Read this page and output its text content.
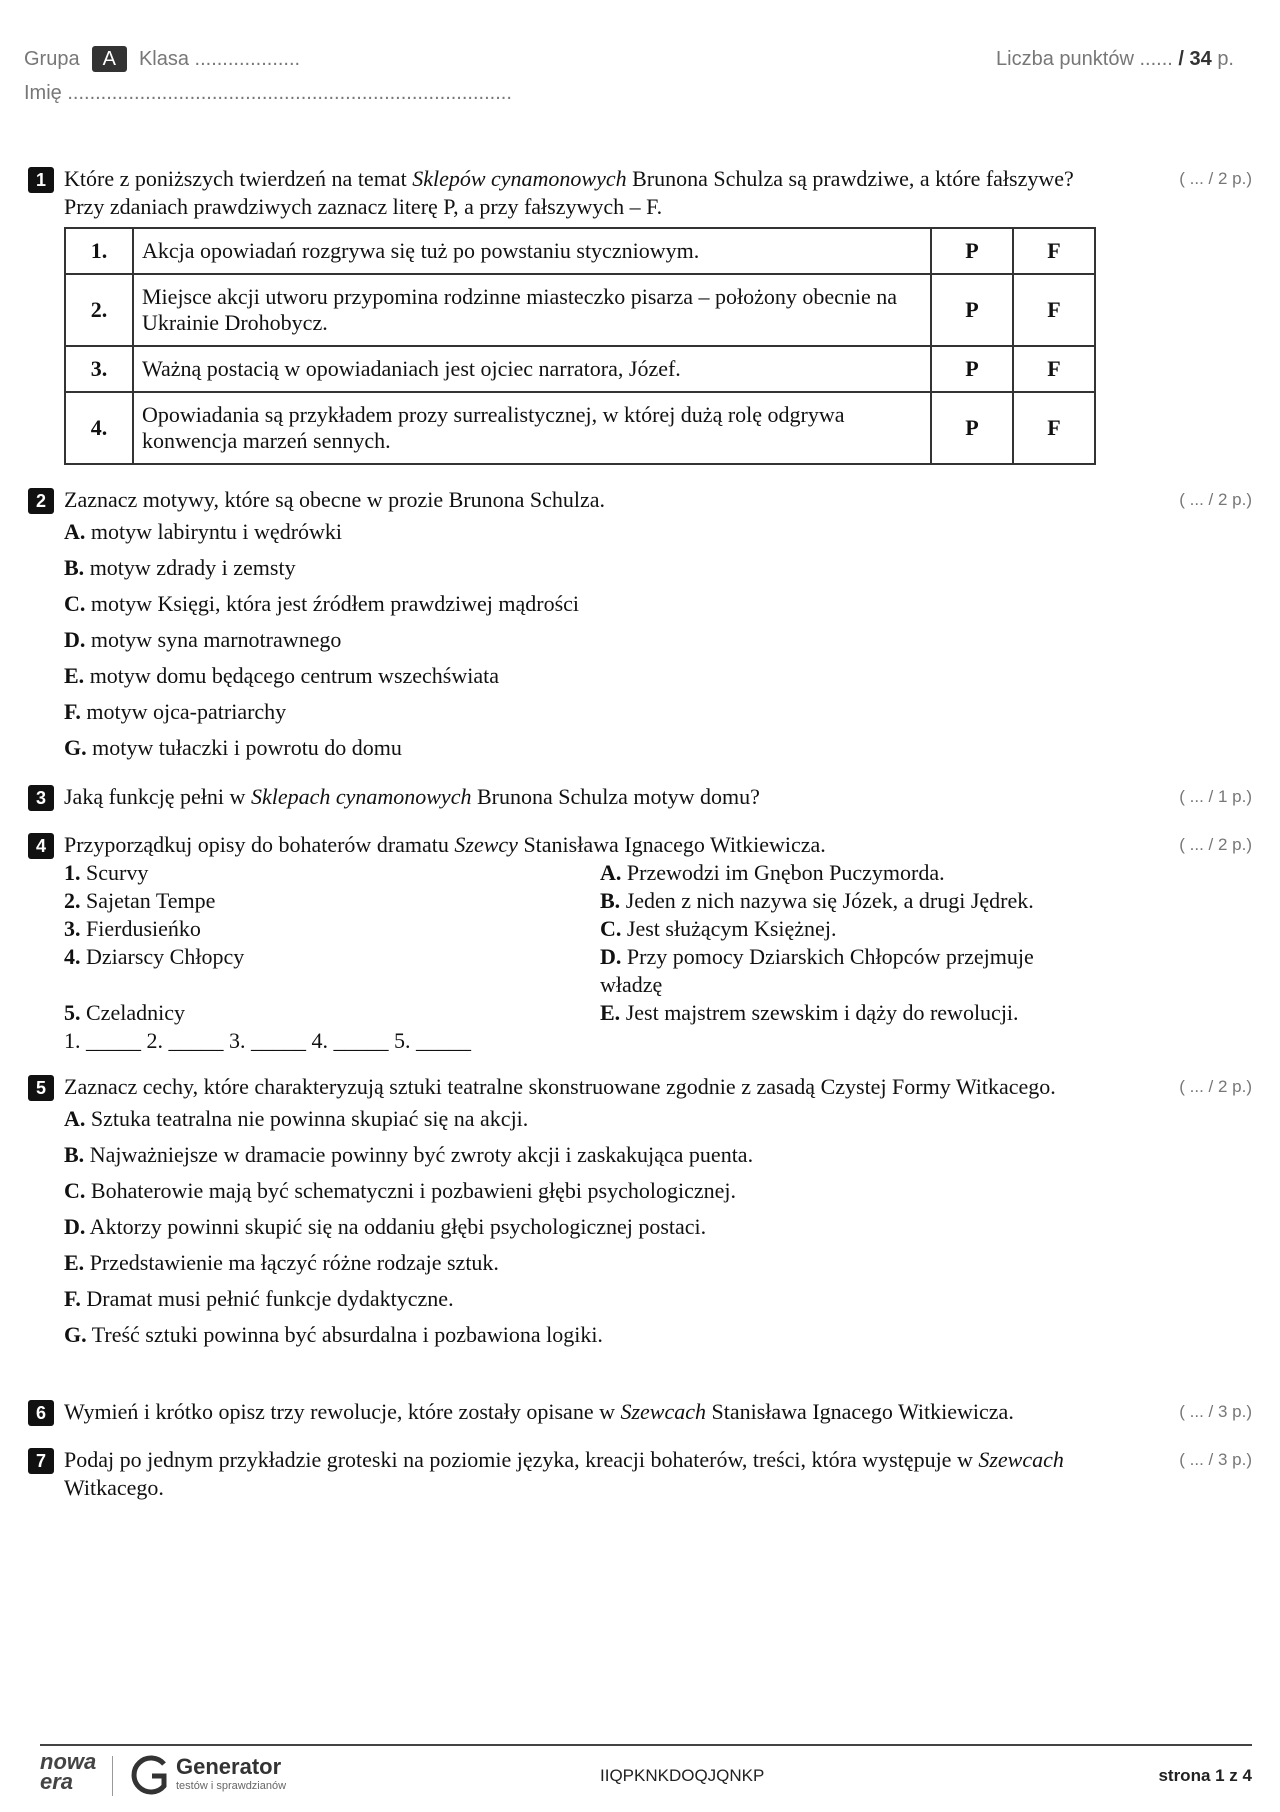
Grupa	A	Klasa ...................	Liczba punktów ...... / 34 p.
Imię ................................................................................
1	( ... / 2 p.)
Które z poniższych twierdzeń na temat Sklepów cynamonowych Brunona Schulza są prawdziwe, a które fałszywe? Przy zdaniach prawdziwych zaznacz literę P, a przy fałszywych – F.
1.	Akcja opowiadań rozgrywa się tuż po powstaniu styczniowym.	P	F
2.	Miejsce akcji utworu przypomina rodzinne miasteczko pisarza – położony obecnie na Ukrainie Drohobycz.	P	F
3.	Ważną postacią w opowiadaniach jest ojciec narratora, Józef.	P	F
4.	Opowiadania są przykładem prozy surrealistycznej, w której dużą rolę odgrywa konwencja marzeń sennych.	P	F
2	( ... / 2 p.)
Zaznacz motywy, które są obecne w prozie Brunona Schulza.
A. motyw labiryntu i wędrówki
B. motyw zdrady i zemsty
C. motyw Księgi, która jest źródłem prawdziwej mądrości
D. motyw syna marnotrawnego
E. motyw domu będącego centrum wszechświata
F. motyw ojca-patriarchy
G. motyw tułaczki i powrotu do domu
3	( ... / 1 p.)
Jaką funkcję pełni w Sklepach cynamonowych Brunona Schulza motyw domu?
4	( ... / 2 p.)
Przyporządkuj opisy do bohaterów dramatu Szewcy Stanisława Ignacego Witkiewicza.
1. Scurvy
2. Sajetan Tempe
3. Fierdusieńko
4. Dziarscy Chłopcy
5. Czeladnicy
A. Przewodzi im Gnębon Puczymorda.
B. Jeden z nich nazywa się Józek, a drugi Jędrek.
C. Jest służącym Księżnej.
D. Przy pomocy Dziarskich Chłopców przejmuje władzę
E. Jest majstrem szewskim i dąży do rewolucji.
1. _____ 2. _____ 3. _____ 4. _____ 5. _____
5	( ... / 2 p.)
Zaznacz cechy, które charakteryzują sztuki teatralne skonstruowane zgodnie z zasadą Czystej Formy Witkacego.
A. Sztuka teatralna nie powinna skupiać się na akcji.
B. Najważniejsze w dramacie powinny być zwroty akcji i zaskakująca puenta.
C. Bohaterowie mają być schematyczni i pozbawieni głębi psychologicznej.
D. Aktorzy powinni skupić się na oddaniu głębi psychologicznej postaci.
E. Przedstawienie ma łączyć różne rodzaje sztuk.
F. Dramat musi pełnić funkcje dydaktyczne.
G. Treść sztuki powinna być absurdalna i pozbawiona logiki.
6	( ... / 3 p.)
Wymień i krótko opisz trzy rewolucje, które zostały opisane w Szewcach Stanisława Ignacego Witkiewicza.
7	( ... / 3 p.)
Podaj po jednym przykładzie groteski na poziomie języka, kreacji bohaterów, treści, która występuje w Szewcach Witkacego.
nowa
era
Generator
testów i sprawdzianów
IIQPKNKDOQJQNKP	strona 1 z 4
